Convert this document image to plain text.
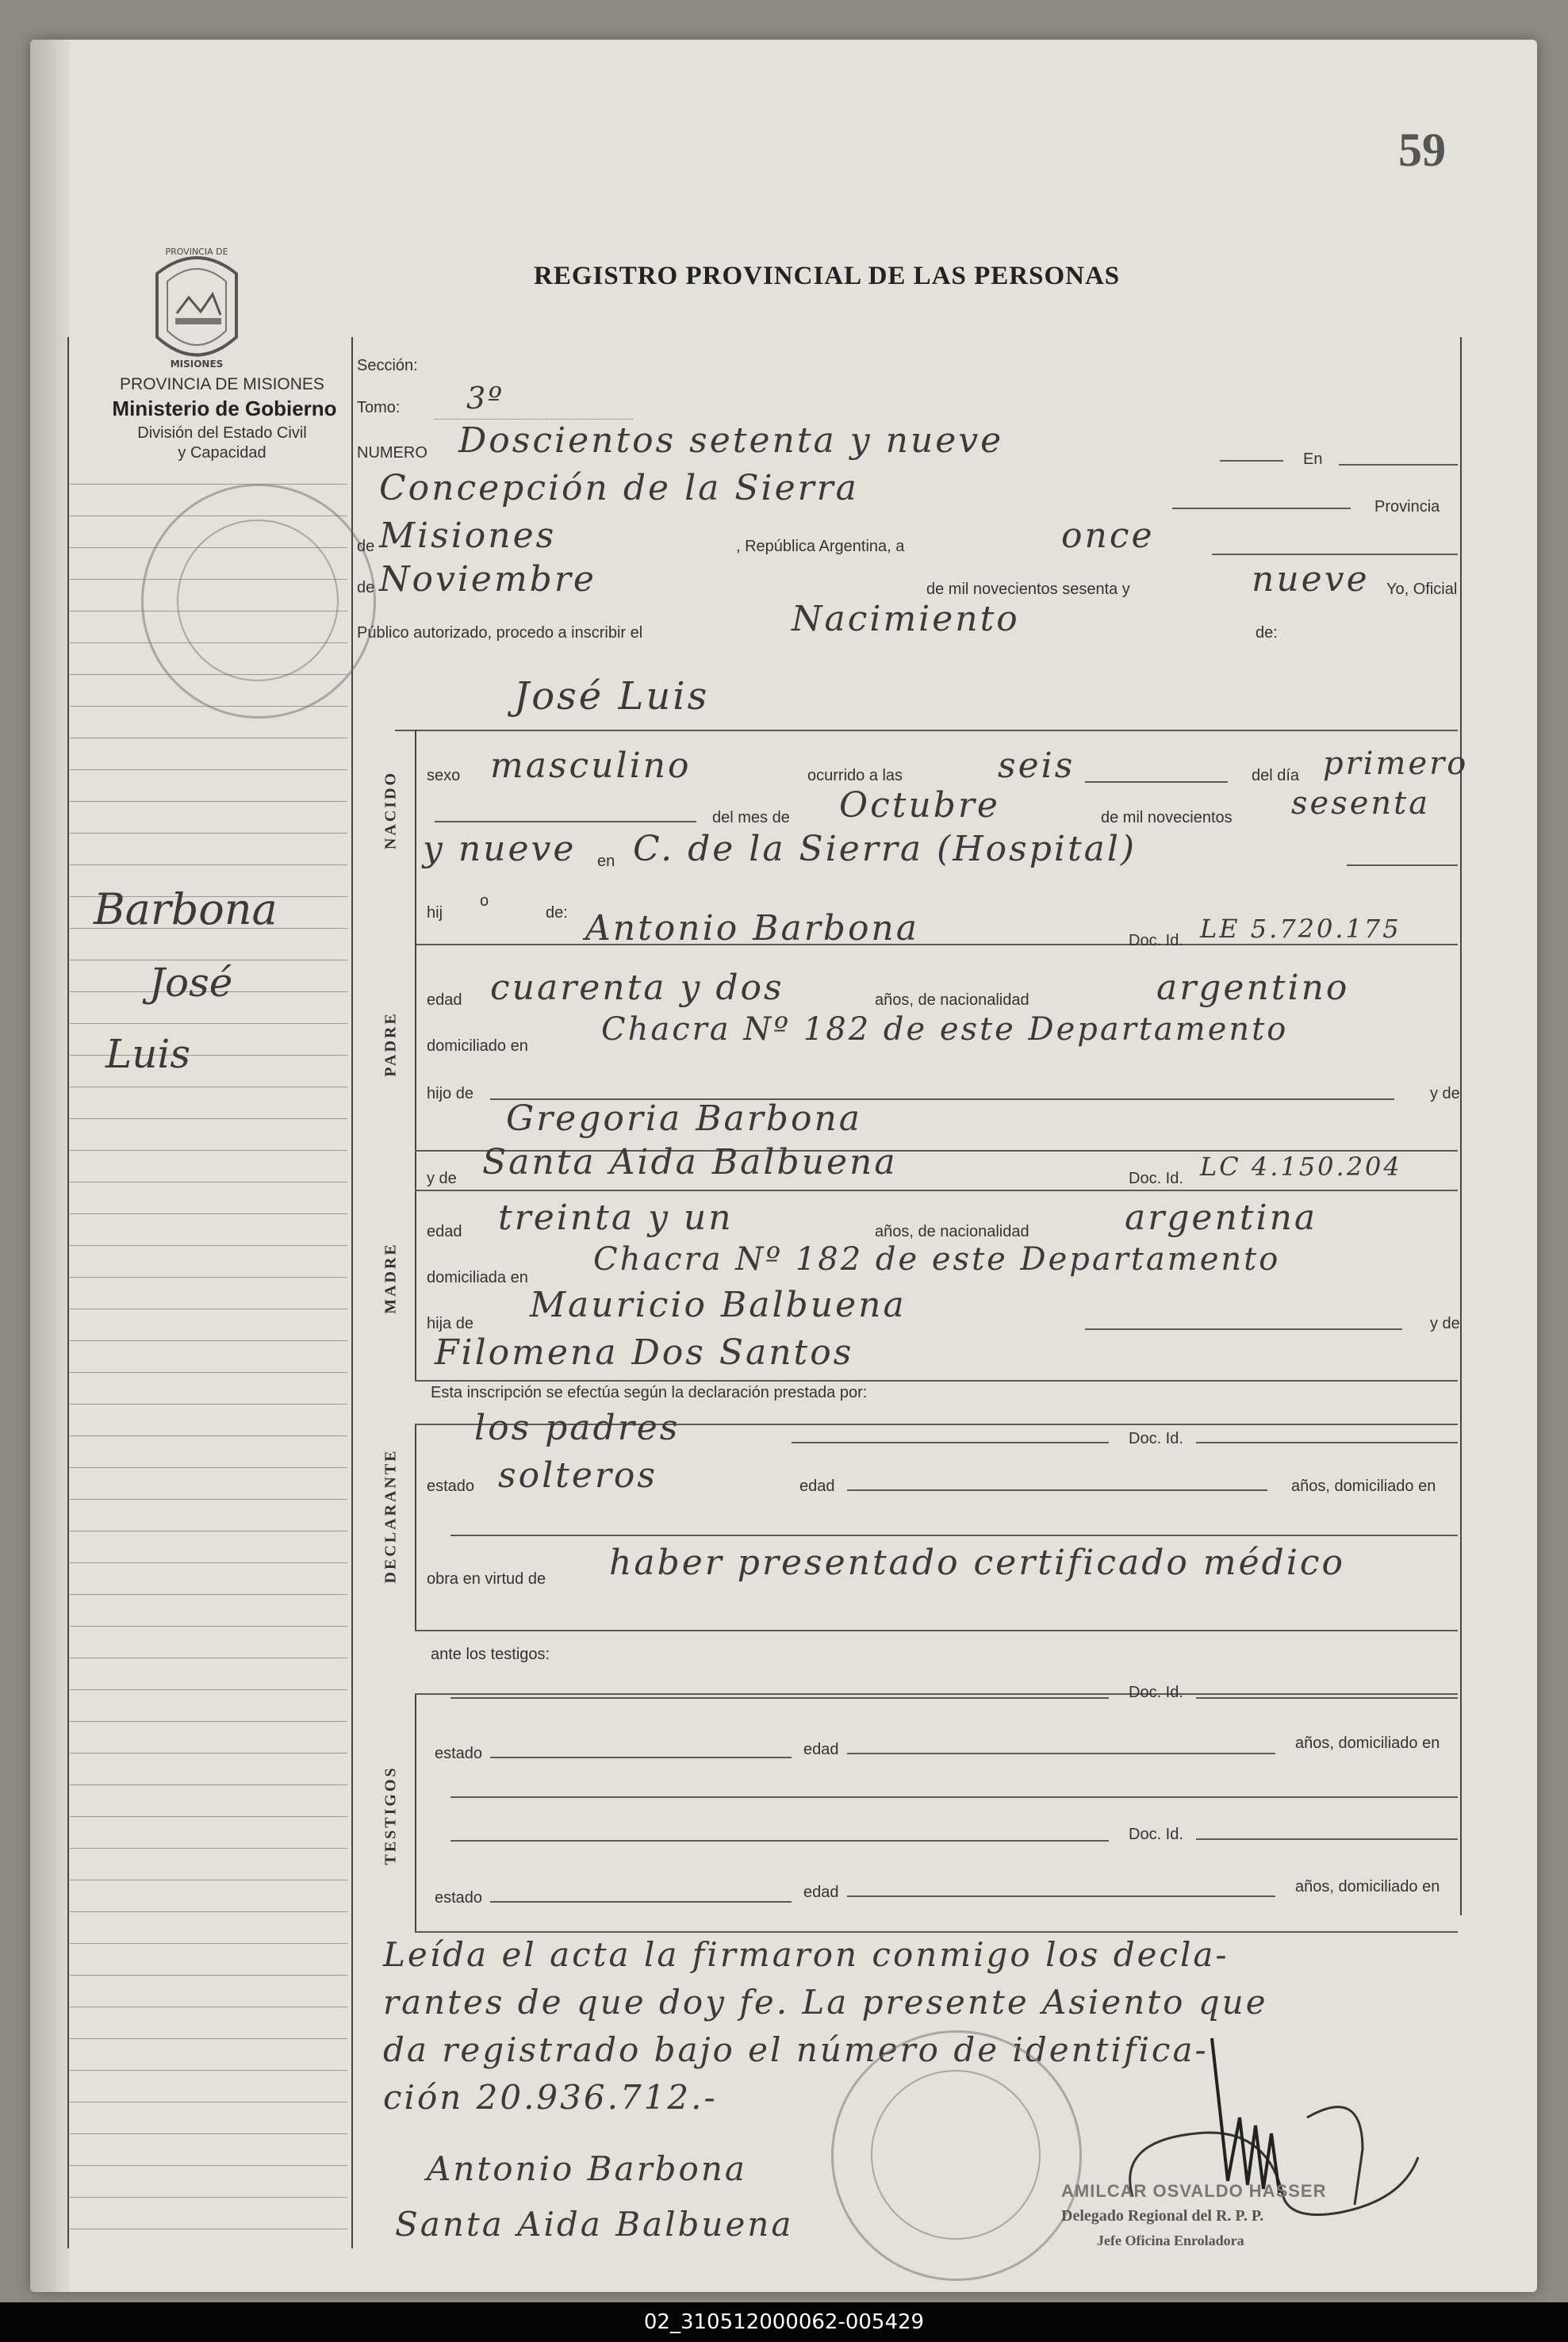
59
PROVINCIA DE
MISIONES
PROVINCIA DE MISIONES
Ministerio de Gobierno
División del Estado Civil
y Capacidad
REGISTRO PROVINCIAL DE LAS PERSONAS
Barbona
José
Luis
Sección:
Tomo: 3º
NUMERO Doscientos setenta y nueve	En
Concepción de la Sierra	Provincia
de Misiones	, República Argentina, a	once
de Noviembre	de mil novecientos sesenta y	nueve Yo, Oficial
Público autorizado, procedo a inscribir el	Nacimiento	de:
José Luis
NACIDO sexo masculino	ocurrido a las	seis	del día primero
del mes de Octubre	de mil novecientos sesenta
y nueve en C. de la Sierra (Hospital)
hij
o
de:
PADRE
Antonio Barbona	Doc. Id. LE 5.720.175
edad cuarenta y dos	años, de nacionalidad	argentino
domiciliado en Chacra Nº 182 de este Departamento
hijo de	y de
Gregoria Barbona
MADRE
y de Santa Aida Balbuena	Doc. Id. LC 4.150.204
edad treinta y un	años, de nacionalidad	argentina
domiciliada en Chacra Nº 182 de este Departamento
hija de Mauricio Balbuena	y de
Filomena Dos Santos
Esta inscripción se efectúa según la declaración prestada por:
DECLARANTE
los padres	Doc. Id.
estado solteros	edad	años, domiciliado en
obra en virtud de haber presentado certificado médico
ante los testigos:
TESTIGOS
Doc. Id.
estado	edad	años, domiciliado en
Doc. Id.
estado	edad	años, domiciliado en
Leída el acta la firmaron conmigo los decla-
rantes de que doy fe. La presente Asiento que
da registrado bajo el número de identifica-
ción 20.936.712.-
Antonio Barbona
Santa Aida Balbuena
AMILCAR OSVALDO HASSER
Delegado Regional del R. P. P.
Jefe Oficina Enroladora
02_310512000062-005429
